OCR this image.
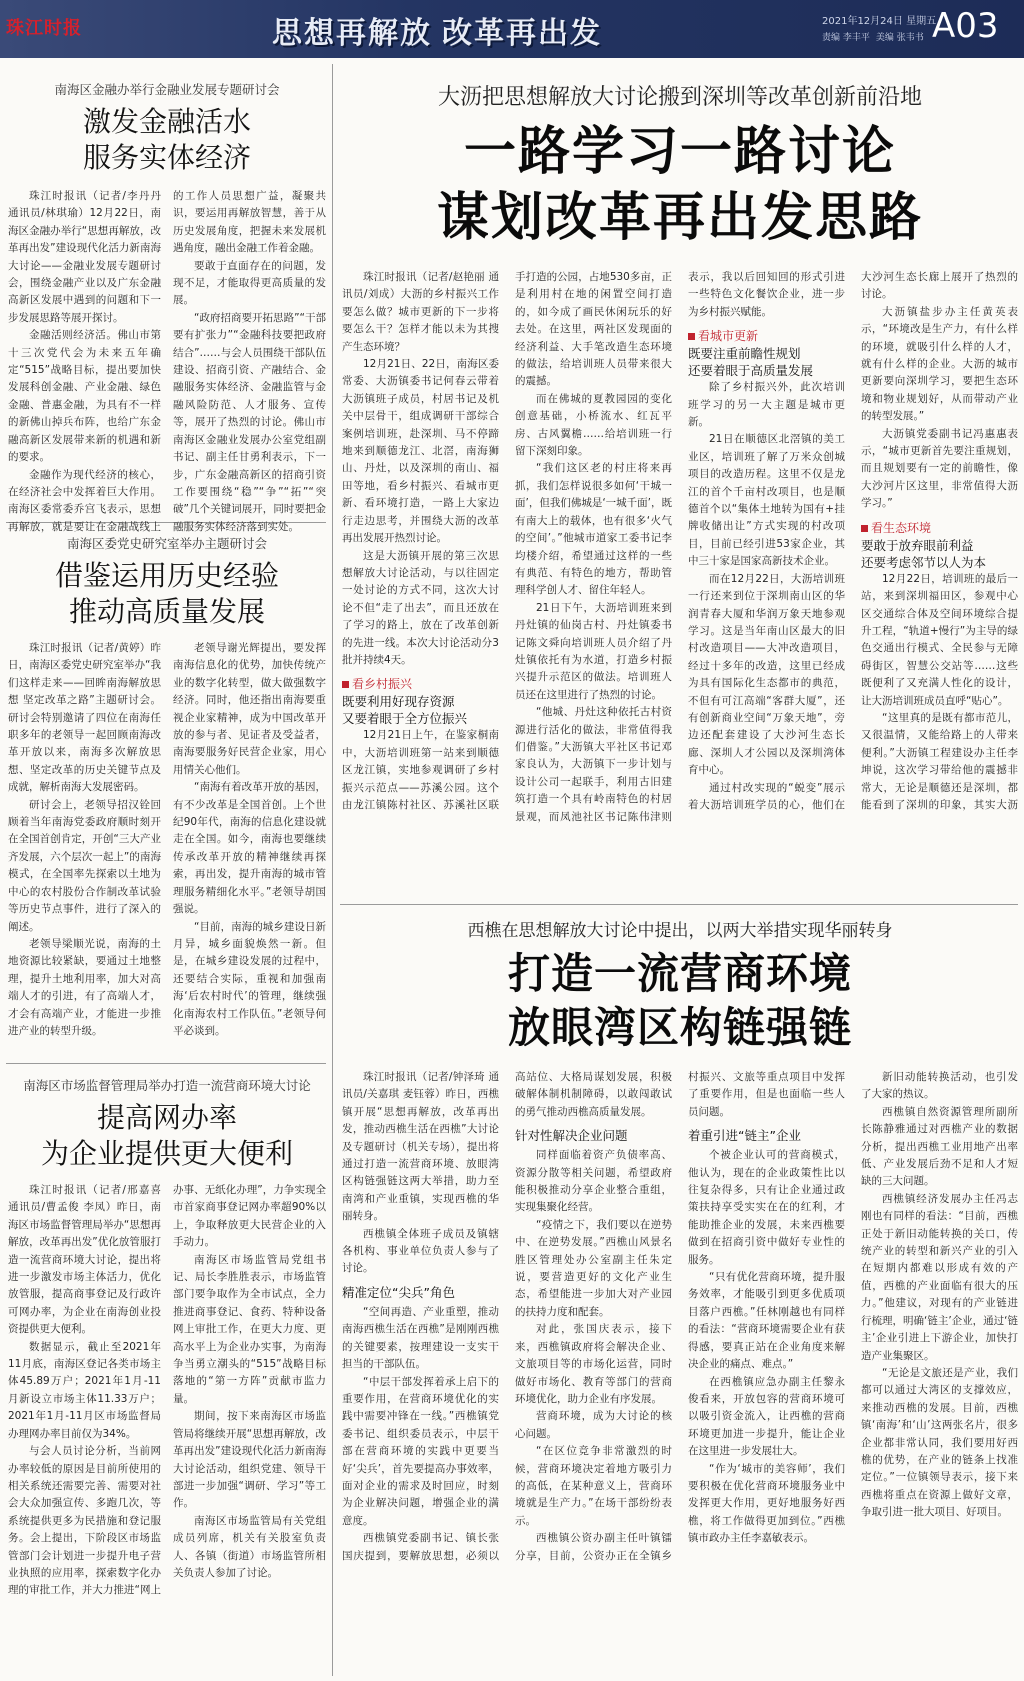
珠江时报	思想再解放 改革再出发	2021年12月24日 星期五
责编 李丰平 美编 张韦书 A03
南海区金融办举行金融业发展专题研讨会
激发金融活水
服务实体经济

珠江时报讯（记者/李丹丹 通讯员/林琪瑜）12月22日，南海区金融办举行“思想再解放，改革再出发”建设现代化活力新南海大讨论——金融业发展专题研讨会，围绕金融产业以及广东金融高新区发展中遇到的问题和下一步发展思路等展开探讨。

金融活则经济活。佛山市第十三次党代会为未来五年确定“515”战略目标，提出要加快发展科创金融、产业金融、绿色金融、普惠金融，为具有不一样的新佛山掉兵布阵，也给广东金融高新区发展带来新的机遇和新的要求。

金融作为现代经济的核心，在经济社会中发挥着巨大作用。南海区委常委乔宫飞表示，思想再解放，就是要让在金融战线上的工作人员思想广益，凝聚共识，要运用再解放智慧，善于从历史发展角度，把握未来发展机遇角度，融出金融工作着金融。

要敢于直面存在的问题，发现不足，才能取得更高质量的发展。

“政府招商要开拓思路”“干部要有扩张力”“金融科技要把政府结合”……与会人员围绕干部队伍建设、招商引资、产融结合、金融服务实体经济、金融监管与金融风险防范、人才服务、宣传等，展开了热烈的讨论。佛山市南海区金融业发展办公室党组副书记、副主任甘勇利表示，下一步，广东金融高新区的招商引资工作要围绕“稳”“争”“拓”“突破”几个关键词展开，同时要把金融服务实体经济落到实处。

南海区委党史研究室举办主题研讨会
借鉴运用历史经验
推动高质量发展

珠江时报讯（记者/黄婷）昨日，南海区委党史研究室举办“我们这样走来——回眸南海解放思想 坚定改革之路”主题研讨会。研讨会特别邀请了四位在南海任职多年的老领导一起回顾南海改革开放以来，南海多次解放思想、坚定改革的历史关键节点及成就，解析南海大发展密码。

研讨会上，老领导招汉铨回顾着当年南海党委政府顺时刻开在全国首创肯定，开创“三大产业齐发展，六个层次一起上”的南海模式，在全国率先探索以土地为中心的农村股份合作制改革试验等历史节点事件，进行了深入的阐述。

老领导梁顺光说，南海的土地资源比较紧缺，要通过土地整理，提升土地利用率，加大对高端人才的引进，有了高端人才，才会有高端产业，才能进一步推进产业的转型升级。

老领导谢光辉提出，要发挥南海信息化的优势，加快传统产业的数字化转型，做大做强数字经济。同时，他还指出南海要重视企业家精神，成为中国改革开放的参与者、见证者及受益者，南海要服务好民营企业家，用心用情关心他们。

“南海有着改革开放的基因，有不少改革是全国首创。上个世纪90年代，南海的信息化建设就走在全国。如今，南海也要继续传承改革开放的精神继续再探索，再出发，提升南海的城市管理服务精细化水平。”老领导胡国强说。

“目前，南海的城乡建设日新月异，城乡面貌焕然一新。但是，在城乡建设发展的过程中，还要结合实际，重视和加强南海‘后农村时代’的管理，继续强化南海农村工作队伍。”老领导何平必谈到。

南海区市场监督管理局举办打造一流营商环境大讨论
提高网办率
为企业提供更大便利

珠江时报讯（记者/邢嘉喜 通讯员/曹孟俊 李凤）昨日，南海区市场监督管理局举办“思想再解放，改革再出发”优化放管服打造一流营商环境大讨论，提出将进一步激发市场主体活力，优化放管服，提高商事登记及行政许可网办率，为企业在南海创业投资提供更大便利。

数据显示，截止至2021年11月底，南海区登记各类市场主体45.89万户；2021年1月-11月新设立市场主体11.33万户；2021年1月-11月区市场监督局办理网办率目前仅为34%。

与会人员讨论分析，当前网办率较低的原因是目前所使用的相关系统还需要完善、需要对社会大众加强宣传、多跑几次，等系统提供更多为民措施和登记服务。会上提出，下阶段区市场监管部门会计划进一步提升电子营业执照的应用率，探索数字化办理的审批工作，并大力推进“网上办事、无纸化办理”，力争实现全市首家商事登记网办率超90%以上，争取释放更大民营企业的入手动力。

南海区市场监管局党组书记、局长李胜胜表示，市场监管部门要争取作为全市试点，全力推进商事登记、食药、特种设备网上审批工作，在更大力度、更高水平上为企业办实事，为南海争当勇立潮头的“515”战略目标落地的“第一方阵”贡献市监力量。

期间，按下来南海区市场监管局将继续开展“思想再解放，改革再出发”建设现代化活力新南海大讨论活动，组织党建、领导干部进一步加强“调研、学习”等工作。

南海区市场监管局有关党组成员列席，机关有关股室负责人、各镇（街道）市场监管所相关负责人参加了讨论。

大沥把思想解放大讨论搬到深圳等改革创新前沿地
一路学习一路讨论
谋划改革再出发思路

珠江时报讯（记者/赵艳丽 通讯员/刘成）大沥的乡村振兴工作要怎么做？城市更新的下一步将要怎么干？怎样才能以未为其搜产生态环境？

12月21日、22日，南海区委常委、大沥镇委书记何春云带着大沥镇班子成员，村居书记及机关中层骨干，组成调研干部综合案例培训班，赴深圳、马不停蹄地来到顺德龙江、北滘，南海狮山、丹灶，以及深圳的南山、福田等地，看乡村振兴、看城市更新、看环境打造，一路上大家边行走边思考，并围绕大沥的改革再出发展开热烈讨论。

这是大沥镇开展的第三次思想解放大讨论活动，与以往固定一处讨论的方式不同，这次大讨论不但“走了出去”，而且还放在了学习的路上，放在了改革创新的先进一线。本次大讨论活动分3批并持续4天。

看乡村振兴
既要利用好现存资源
又要着眼于全方位振兴

12月21日上午，在鉴家桐南中，大沥培训班第一站来到顺德区龙江镇，实地参观调研了乡村振兴示范点——苏溪公园。这个由龙江镇陈村社区、苏溪社区联手打造的公园，占地530多亩，正是利用村在地的闲置空间打造的，如今成了画民休闲玩乐的好去处。在这里，两社区发现面的经济利益、大手笔改造生态环境的做法，给培训班人员带来很大的震撼。

而在佛城的夏教园园的变化创意基础，小桥流水、红瓦平房、古风翼檐……给培训班一行留下深刻印象。

“我们这区老的村庄将来再抓，我们怎样说很多如何‘干城一面’，但我们佛城是‘一城千面’，既有南大上的载体，也有很多‘火气的空间’。”他城市道家工委书记李均楼介绍，希望通过这样的一些有典范、有特色的地方，帮助管理科学创人才、留住年轻人。

21日下午，大沥培训班来到丹灶镇的仙岗古村、丹灶镇委书记陈文舜向培训班人员介绍了丹灶镇依托有为水道，打造乡村振兴提升示范区的做法。培训班人员还在这里进行了热烈的讨论。

“他城、丹灶这种依托古村资源进行活化的做法，非常值得我们借鉴。”大沥镇大平社区书记邓家良认为，大沥镇下一步计划与设计公司一起联手，利用古旧建筑打造一个具有岭南特色的村居景观，而凤池社区书记陈伟津则表示，我以后回知回的形式引进一些特色文化餐饮企业，进一步为乡村振兴赋能。

看城市更新
既要注重前瞻性规划
还要着眼于高质量发展

除了乡村振兴外，此次培训班学习的另一大主题是城市更新。

21日在顺德区北滘镇的美工业区，培训班了解了万米众创城项目的改造历程。这里不仅是龙江的首个千亩村改项目，也是顺德首个以“集体土地转为国有+挂牌收储出让”方式实现的村改项目，目前已经引进53家企业，其中三十家是国家高新技术企业。

而在12月22日，大沥培训班一行还来到位于深圳南山区的华润青春大厦和华润万象天地参观学习。这是当年南山区最大的旧村改造项目——大冲改造项目，经过十多年的改造，这里已经成为具有国际化生态都市的典范，不但有可江高端“客群大厦”，还有创新商业空间“万象天地”，旁边还配套建设了大沙河生态长廊、深圳人才公园以及深圳湾体育中心。

通过村改实现的“蜕变”展示着大沥培训班学员的心，他们在大沙河生态长廊上展开了热烈的讨论。

大沥镇盐步办主任黄英表示，“环境改是生产力，有什么样的环境，就吸引什么样的人才，就有什么样的企业。大沥的城市更新要向深圳学习，要把生态环境和物业规划好，从而带动产业的转型发展。”

大沥镇党委副书记冯惠惠表示，“城市更新首先要注重规划，而且规划要有一定的前瞻性，像大沙河片区这里，非常值得大沥学习。”

看生态环境
要敢于放弃眼前利益
还要考虑邻节以人为本

12月22日，培训班的最后一站，来到深圳福田区，参观中心区交通综合体及空间环境综合提升工程，“轨道+慢行”为主导的绿色交通出行模式、全民参与无障碍街区，智慧公交站等……这些既便利了又充满人性化的设计，让大沥培训班成员直呼“贴心”。

“这里真的是既有都市范儿，又很温情，又能给路上的人带来便利。”大沥镇工程建设办主任李坤说，这次学习带给他的震撼非常大，无论是顺德还是深圳，都能看到了深圳的印象，其实大沥

西樵在思想解放大讨论中提出，以两大举措实现华丽转身
打造一流营商环境
放眼湾区构链强链

珠江时报讯（记者/钟泽琦 通讯员/关嘉琪 麦钰蓉）昨日，西樵镇开展“思想再解放，改革再出发，推动西樵生活在西樵”大讨论及专题研讨（机关专场），提出将通过打造一流营商环境、放眼湾区构链强链这两大举措，助力至南湾和产业重镇，实现西樵的华丽转身。

西樵镇全体班子成员及镇辖各机构、事业单位负责人参与了讨论。

精准定位“尖兵”角色

“空间再造、产业重塑，推动南海西樵生活在西樵”是刚刚西樵的关键要素，按理建设一支实干担当的干部队伍。

“中层干部发挥着承上启下的重要作用，在营商环境优化的实践中需要冲锋在一线。”西樵镇党委书记、组织委员表示，中层干部在营商环境的实践中更要当好‘尖兵’，首先要提高办事效率，面对企业的需求及时回应，时刻为企业解决问题，增强企业的满意度。

西樵镇党委副书记、镇长张国庆提到，要解放思想，必须以高站位、大格局谋划发展，积极破解体制机制障碍，以敢闯敢试的勇气推动西樵高质量发展。

针对性解决企业问题

同样面临着资产负债率高、资源分散等相关问题，希望政府能积极推动分享企业整合重组，实现集聚化经营。

“疫情之下，我们要以在逆势中、在逆势发展。”西樵山风景名胜区管理处办公室副主任朱定说，要营造更好的文化产业生态，希望能进一步加大对产业园的扶持力度和配套。

对此，张国庆表示，接下来，西樵镇政府将会解决企业、文旅项目等的市场化运营，同时做好市场化、教育等部门的营商环境优化，助力企业有序发展。

营商环境，成为大讨论的核心问题。

“在区位竞争非常激烈的时候，营商环境决定着地方吸引力的高低，在某种意义上，营商环境就是生产力。”在场干部纷纷表示。

西樵镇公资办副主任叶镇镭分享，目前，公资办正在全镇乡村振兴、文旅等重点项目中发挥了重要作用，但是也面临一些人员问题。

着重引进“链主”企业

个被企业认可的营商模式，他认为，现在的企业政策性比以往复杂得多，只有让企业通过政策扶持享受实实在在的红利，才能助推企业的发展，未来西樵要做到在招商引资中做好专业性的服务。

“只有优化营商环境，提升服务效率，才能吸引到更多优质项目落户西樵。”任林刚越也有同样的看法：“营商环境需要企业有获得感，要真正站在企业角度来解决企业的痛点、难点。”

在西樵镇应急办副主任黎永俊看来，开放包容的营商环境可以吸引资金流入，让西樵的营商环境更加进一步提升，能让企业在这里进一步发展壮大。

“作为‘城市的美容师’，我们要积极在优化营商环境服务业中发挥更大作用，更好地服务好西樵，将工作做得更加到位。”西樵镇市政办主任李嘉敏表示。

新旧动能转换活动，也引发了大家的热议。

西樵镇自然资源管理所副所长陈静雅通过对西樵产业的数据分析，提出西樵工业用地产出率低、产业发展后劲不足和人才短缺的三大问题。

西樵镇经济发展办主任冯志刚也有同样的看法：“目前，西樵正处于新旧动能转换的关口，传统产业的转型和新兴产业的引入在短期内都难以形成有效的产值，西樵的产业面临有很大的压力。”他建议，对现有的产业链进行梳理，明确‘链主’企业，通过‘链主’企业引进上下游企业，加快打造产业集聚区。

“无论是文旅还是产业，我们都可以通过大湾区的支撑效应，来推动西樵的发展。目前，西樵镇‘南海’和‘山’这两张名片，很多企业都非常认同，我们要用好西樵的优势，在产业的链条上找准定位。”一位镇领导表示，接下来西樵将重点在资源上做好文章，争取引进一批大项目、好项目。
